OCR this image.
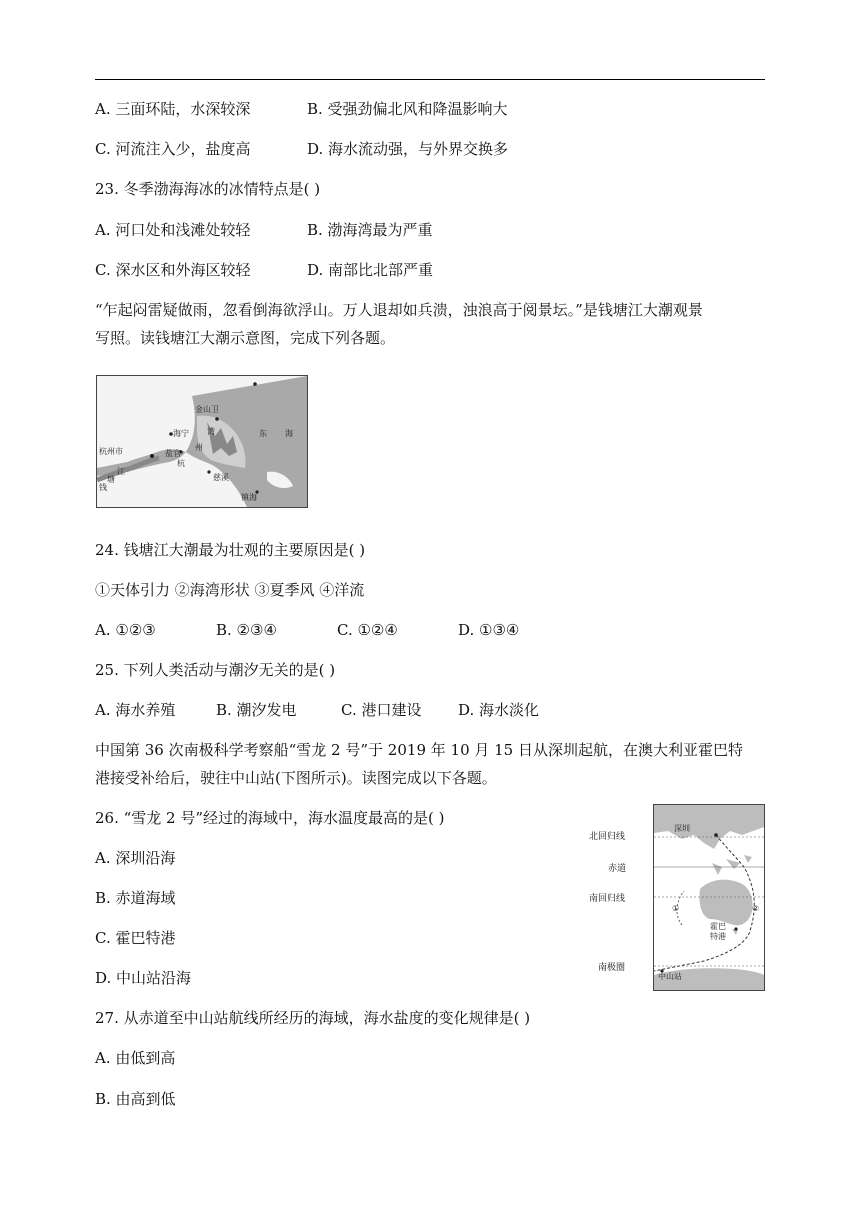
A. 三面环陆，水深较深	B. 受强劲偏北风和降温影响大
C. 河流注入少，盐度高	D. 海水流动强，与外界交换多
23. 冬季渤海海冰的冰情特点是( )
A. 河口处和浅滩处较轻	B. 渤海湾最为严重
C. 深水区和外海区较轻	D. 南部比北部严重
“乍起闷雷疑做雨，忽看倒海欲浮山。万人退却如兵溃，浊浪高于阅景坛。”是钱塘江大潮观景
写照。读钱塘江大潮示意图，完成下列各题。
金山卫
海宁
盐官
杭州市
杭
州
湾
钱
塘
江
慈溪
镇海
东 海
24. 钱塘江大潮最为壮观的主要原因是( )
①天体引力 ②海湾形状 ③夏季风 ④洋流
A. ①②③	B. ②③④	C. ①②④	D. ①③④
25. 下列人类活动与潮汐无关的是( )
A. 海水养殖	B. 潮汐发电	C. 港口建设 D. 海水淡化
中国第 36 次南极科学考察船“雪龙 2 号”于 2019 年 10 月 15 日从深圳起航，在澳大利亚霍巴特
港接受补给后，驶往中山站(下图所示)。读图完成以下各题。
26. “雪龙 2 号”经过的海域中，海水温度最高的是( )
A. 深圳沿海
B. 赤道海域
C. 霍巴特港
D. 中山站沿海
深圳
①	②
霍巴
特港
中山站
北回归线
赤道
南回归线
南极圈
27. 从赤道至中山站航线所经历的海域，海水盐度的变化规律是( )
A. 由低到高
B. 由高到低
